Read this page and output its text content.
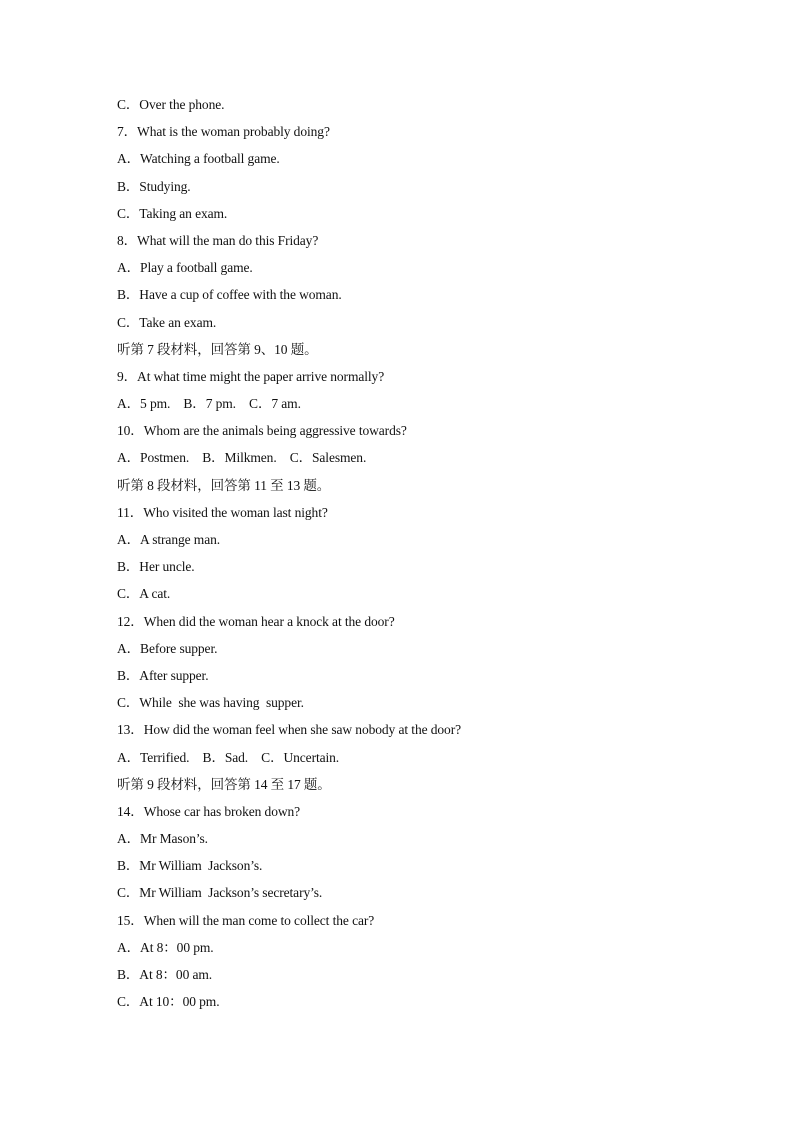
C．Over the phone.
7．What is the woman probably doing?
A．Watching a football game.
B．Studying.
C．Taking an exam.
8．What will the man do this Friday?
A．Play a football game.
B．Have a cup of coffee with the woman.
C．Take an exam.
听第 7 段材料，回答第 9、10 题。
9．At what time might the paper arrive normally?
A．5 pm.    B．7 pm.    C．7 am.
10．Whom are the animals being aggressive towards?
A．Postmen.    B．Milkmen.    C．Salesmen.
听第 8 段材料，回答第 11 至 13 题。
11．Who visited the woman last night?
A．A strange man.
B．Her uncle.
C．A cat.
12．When did the woman hear a knock at the door?
A．Before supper.
B．After supper.
C．While  she was having  supper.
13．How did the woman feel when she saw nobody at the door?
A．Terrified.    B．Sad.    C．Uncertain.
听第 9 段材料，回答第 14 至 17 题。
14．Whose car has broken down?
A．Mr Mason’s.
B．Mr William  Jackson’s.
C．Mr William  Jackson’s secretary’s.
15．When will the man come to collect the car?
A．At 8：00 pm.
B．At 8：00 am.
C．At 10：00 pm.
